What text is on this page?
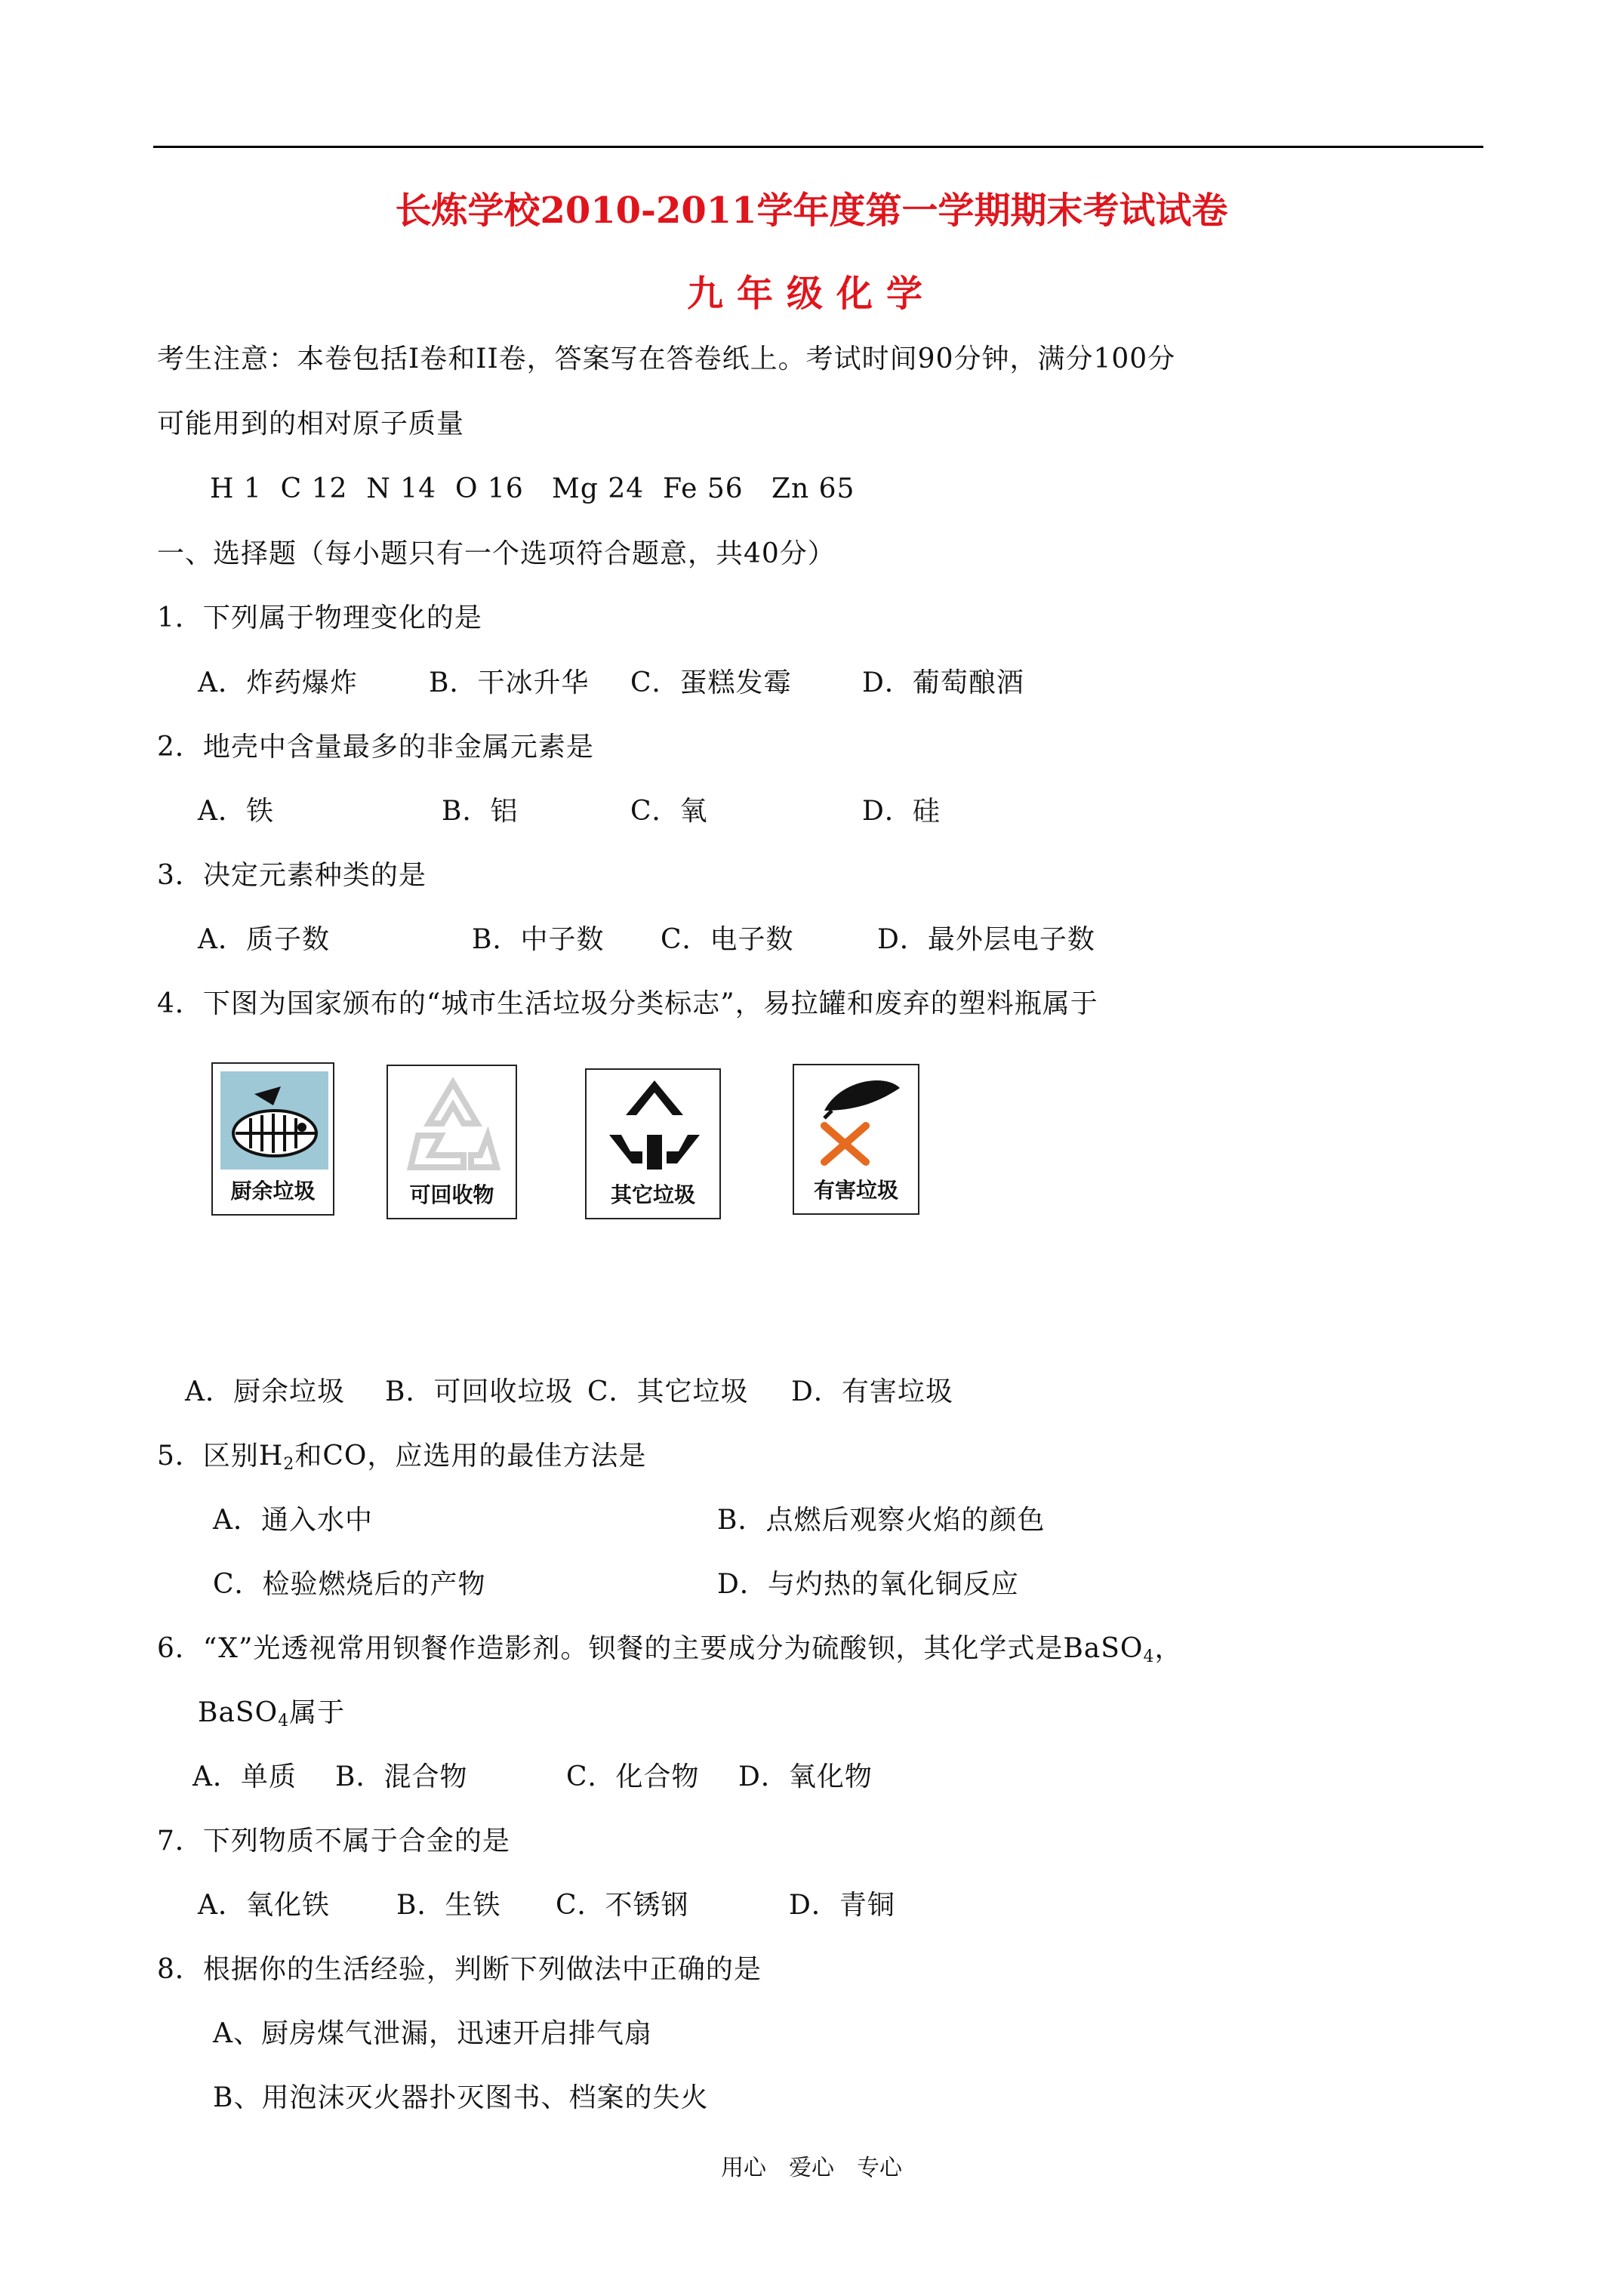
长炼学校2010-2011学年度第一学期期末考试试卷
九年级化学
考生注意：本卷包括Ⅰ卷和II卷，答案写在答卷纸上。考试时间90分钟，满分100分
可能用到的相对原子质量
H 1  C 12  N 14  O 16   Mg 24  Fe 56   Zn 65
一、选择题（每小题只有一个选项符合题意，共40分）
1．下列属于物理变化的是
A．炸药爆炸	B．干冰升华 C．蛋糕发霉	D．葡萄酿酒
2．地壳中含量最多的非金属元素是
A．铁	B．铝	C．氧	D．硅
3．决定元素种类的是
A．质子数	B．中子数 C．电子数	D．最外层电子数
4．下图为国家颁布的“城市生活垃圾分类标志”，易拉罐和废弃的塑料瓶属于
厨余垃圾	可回收物	其它垃圾	有害垃圾
A．厨余垃圾 B．可回收垃圾 C．其它垃圾 D．有害垃圾
5．区别$H_2$和CO，应选用的最佳方法是
A．通入水中	B．点燃后观察火焰的颜色
C．检验燃烧后的产物	D．与灼热的氧化铜反应
6．“X”光透视常用钡餐作造影剂。钡餐的主要成分为硫酸钡，其化学式是BaSO$_4$，
BaSO$_4$属于
A．单质 B．混合物	C．化合物 D．氧化物
7．下列物质不属于合金的是
A．氧化铁 B．生铁 C．不锈钢	D．青铜
8．根据你的生活经验，判断下列做法中正确的是
A、厨房煤气泄漏，迅速开启排气扇
B、用泡沫灭火器扑灭图书、档案的失火
用心　爱心　专心
